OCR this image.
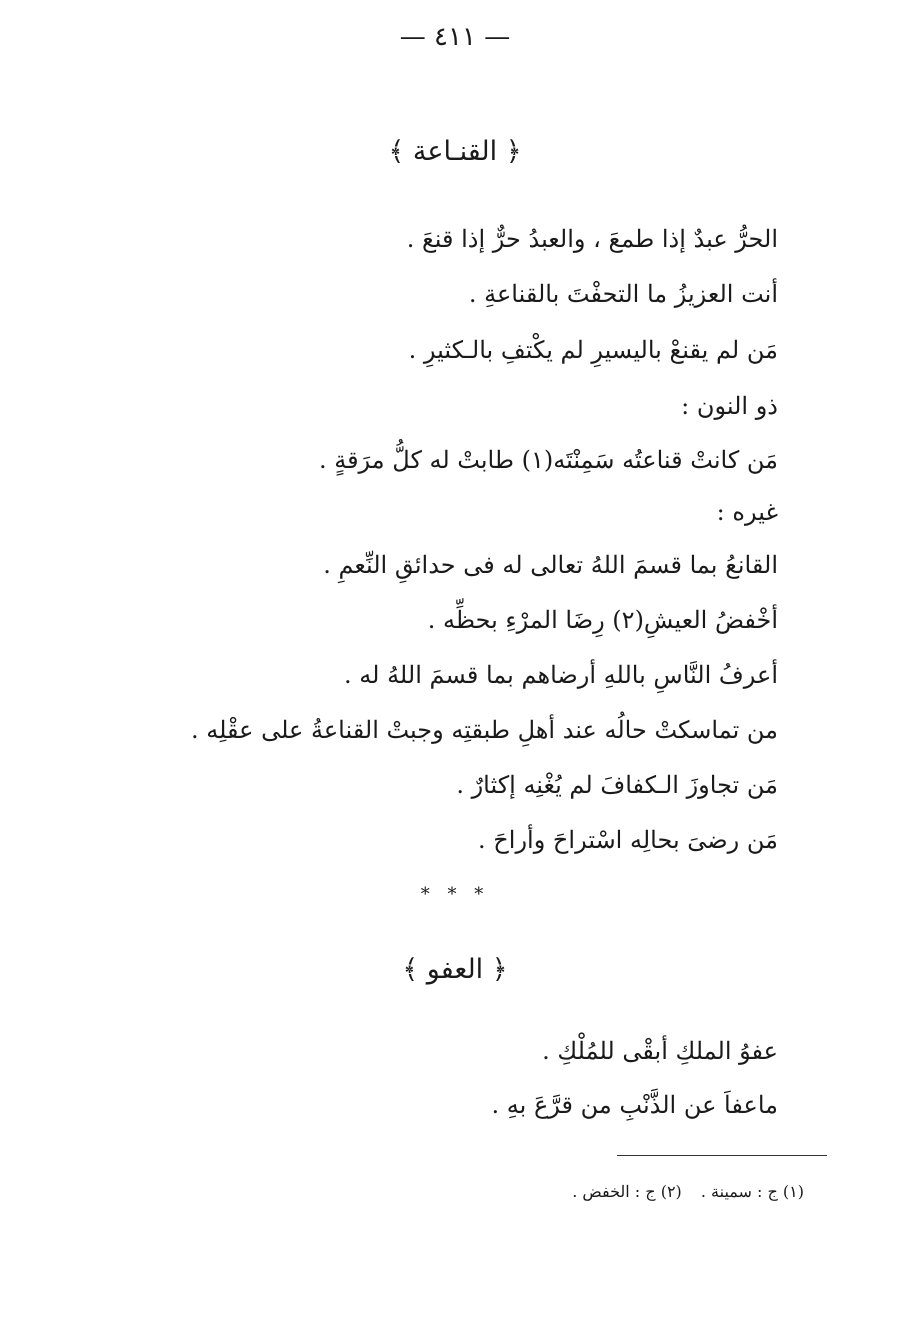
— ٤١١ —
﴿ القنـاعة ﴾
الحرُّ عبدٌ إذا طمعَ ، والعبدُ حرٌّ إذا قنعَ .
أنت العزيزُ ما التحفْتَ بالقناعةِ .
مَن لم يقنعْ باليسيرِ لم يكْتفِ بالـكثيرِ .
ذو النون :
مَن كانتْ قناعتُه سَمِنْتَه(١) طابتْ له كلُّ مرَقةٍ .
غيره :
القانعُ بما قسمَ اللهُ تعالى له فى حدائقِ النِّعمِ .
أخْفضُ العيشِ(٢) رِضَا المرْءِ بحظِّه .
أعرفُ النَّاسِ باللهِ أرضاهم بما قسمَ اللهُ له .
من تماسكتْ حالُه عند أهلِ طبقتِه وجبتْ القناعةُ على عقْلِه .
مَن تجاوزَ الـكفافَ لم يُغْنِه إكثارٌ .
مَن رضىَ بحالِه اسْتراحَ وأراحَ .
* * *
﴿ العفو ﴾
عفوُ الملكِ أبقْى للمُلْكِ .
ماعفاَ عن الذَّنْبِ من قرَّعَ بهِ .
(١) ج : سمينة . (٢) ج : الخفض .
